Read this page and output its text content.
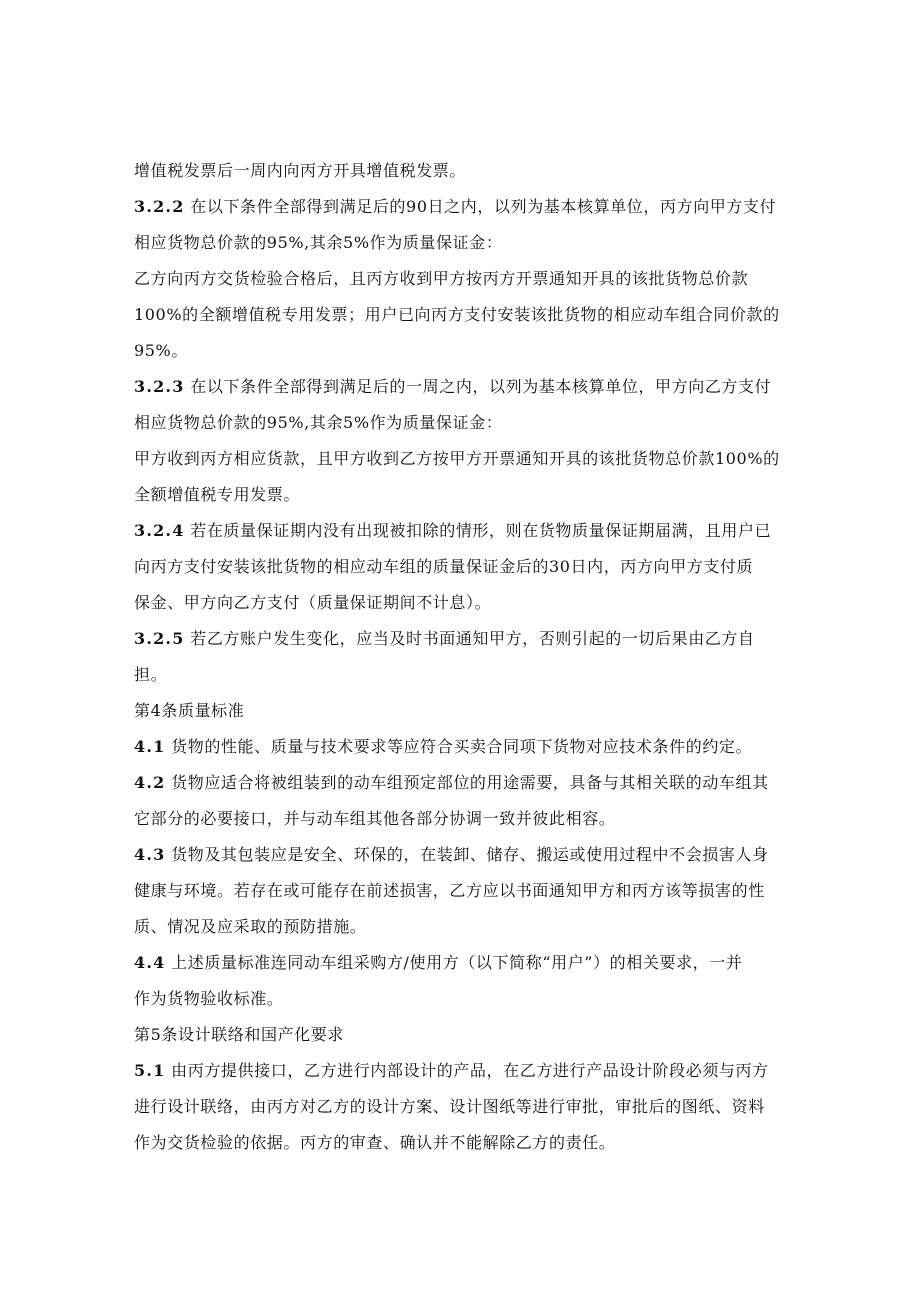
增值税发票后一周内向丙方开具增值税发票。
3.2.2 在以下条件全部得到满足后的90日之内，以列为基本核算单位，丙方向甲方支付
相应货物总价款的95%,其余5%作为质量保证金：
乙方向丙方交货检验合格后，且丙方收到甲方按丙方开票通知开具的该批货物总价款
100%的全额增值税专用发票；用户已向丙方支付安装该批货物的相应动车组合同价款的
95%。
3.2.3 在以下条件全部得到满足后的一周之内，以列为基本核算单位，甲方向乙方支付
相应货物总价款的95%,其余5%作为质量保证金：
甲方收到丙方相应货款，且甲方收到乙方按甲方开票通知开具的该批货物总价款100%的
全额增值税专用发票。
3.2.4 若在质量保证期内没有出现被扣除的情形，则在货物质量保证期届满，且用户已
向丙方支付安装该批货物的相应动车组的质量保证金后的30日内，丙方向甲方支付质
保金、甲方向乙方支付（质量保证期间不计息）。
3.2.5 若乙方账户发生变化，应当及时书面通知甲方，否则引起的一切后果由乙方自
担。
第4条质量标准
4.1 货物的性能、质量与技术要求等应符合买卖合同项下货物对应技术条件的约定。
4.2 货物应适合将被组装到的动车组预定部位的用途需要，具备与其相关联的动车组其
它部分的必要接口，并与动车组其他各部分协调一致并彼此相容。
4.3 货物及其包装应是安全、环保的，在装卸、储存、搬运或使用过程中不会损害人身
健康与环境。若存在或可能存在前述损害，乙方应以书面通知甲方和丙方该等损害的性
质、情况及应采取的预防措施。
4.4 上述质量标准连同动车组采购方/使用方（以下简称“用户”）的相关要求，一并
作为货物验收标准。
第5条设计联络和国产化要求
5.1 由丙方提供接口，乙方进行内部设计的产品，在乙方进行产品设计阶段必须与丙方
进行设计联络，由丙方对乙方的设计方案、设计图纸等进行审批，审批后的图纸、资料
作为交货检验的依据。丙方的审查、确认并不能解除乙方的责任。
